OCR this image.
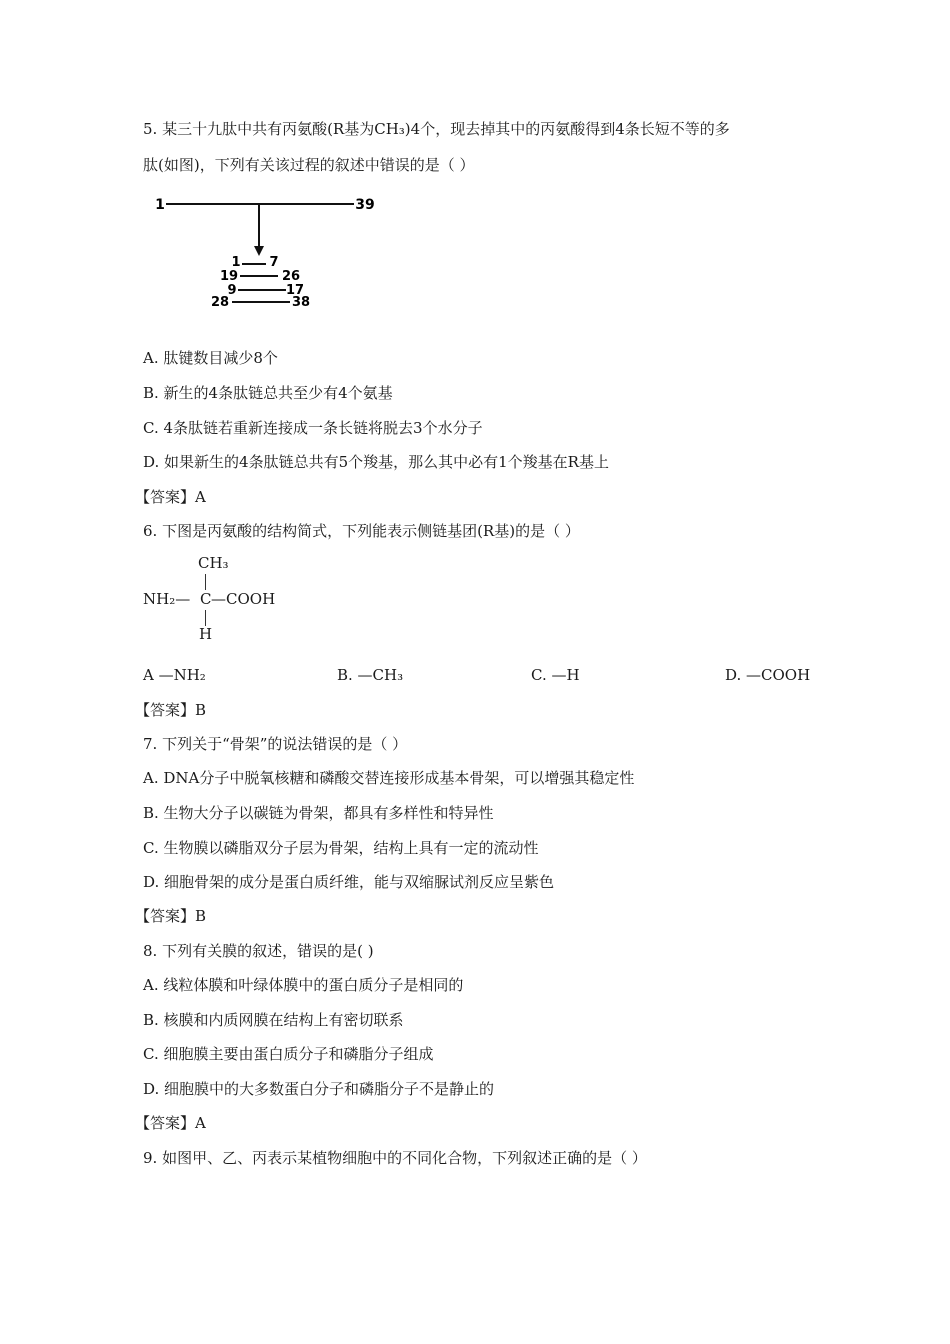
5. 某三十九肽中共有丙氨酸(R基为CH₃)4个，现去掉其中的丙氨酸得到4条长短不等的多
肽(如图)，下列有关该过程的叙述中错误的是（ ）
1	39
1 7
19	26
9	17
28	38
A. 肽键数目减少8个
B. 新生的4条肽链总共至少有4个氨基
C. 4条肽链若重新连接成一条长链将脱去3个水分子
D. 如果新生的4条肽链总共有5个羧基，那么其中必有1个羧基在R基上
【答案】A
6. 下图是丙氨酸的结构简式，下列能表示侧链基团(R基)的是（ ）
CH₃
NH₂— C —COOH
H
A —NH₂	B. —CH₃	C. —H	D. —COOH
【答案】B
7. 下列关于“骨架”的说法错误的是（ ）
A. DNA分子中脱氧核糖和磷酸交替连接形成基本骨架，可以增强其稳定性
B. 生物大分子以碳链为骨架，都具有多样性和特异性
C. 生物膜以磷脂双分子层为骨架，结构上具有一定的流动性
D. 细胞骨架的成分是蛋白质纤维，能与双缩脲试剂反应呈紫色
【答案】B
8. 下列有关膜的叙述，错误的是( )
A. 线粒体膜和叶绿体膜中的蛋白质分子是相同的
B. 核膜和内质网膜在结构上有密切联系
C. 细胞膜主要由蛋白质分子和磷脂分子组成
D. 细胞膜中的大多数蛋白分子和磷脂分子不是静止的
【答案】A
9. 如图甲、乙、丙表示某植物细胞中的不同化合物，下列叙述正确的是（ ）
